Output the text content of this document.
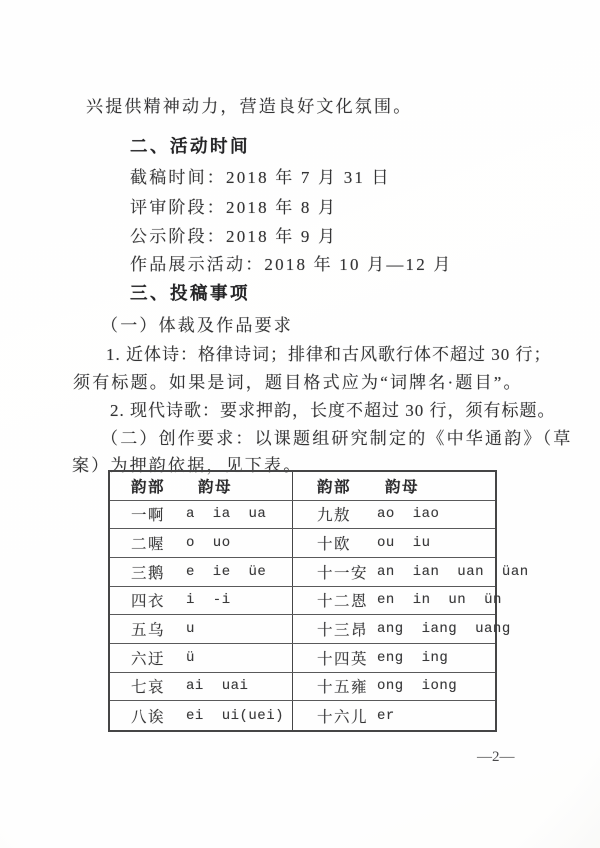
兴提供精神动力，营造良好文化氛围。
二、活动时间
截稿时间：2018 年 7 月 31 日
评审阶段：2018 年 8 月
公示阶段：2018 年 9 月
作品展示活动：2018 年 10 月—12 月
三、投稿事项
（一）体裁及作品要求
1. 近体诗：格律诗词；排律和古风歌行体不超过 30 行；
须有标题。如果是词，题目格式应为“词牌名·题目”。
2. 现代诗歌：要求押韵，长度不超过 30 行，须有标题。
（二）创作要求：以课题组研究制定的《中华通韵》（草
案）为押韵依据，见下表。
韵部 韵母	韵部 韵母
一啊 a ia ua	九敖 ao iao
二喔 o uo	十欧 ou iu
三鹅 e ie üe	十一安 an ian uan üan
四衣 i -i	十二恩 en in un ün
五乌 u	十三昂 ang iang uang
六迂 ü	十四英 eng ing
七哀 ai uai	十五雍 ong iong
八诶 ei ui(uei) 十六儿 er
—2—
